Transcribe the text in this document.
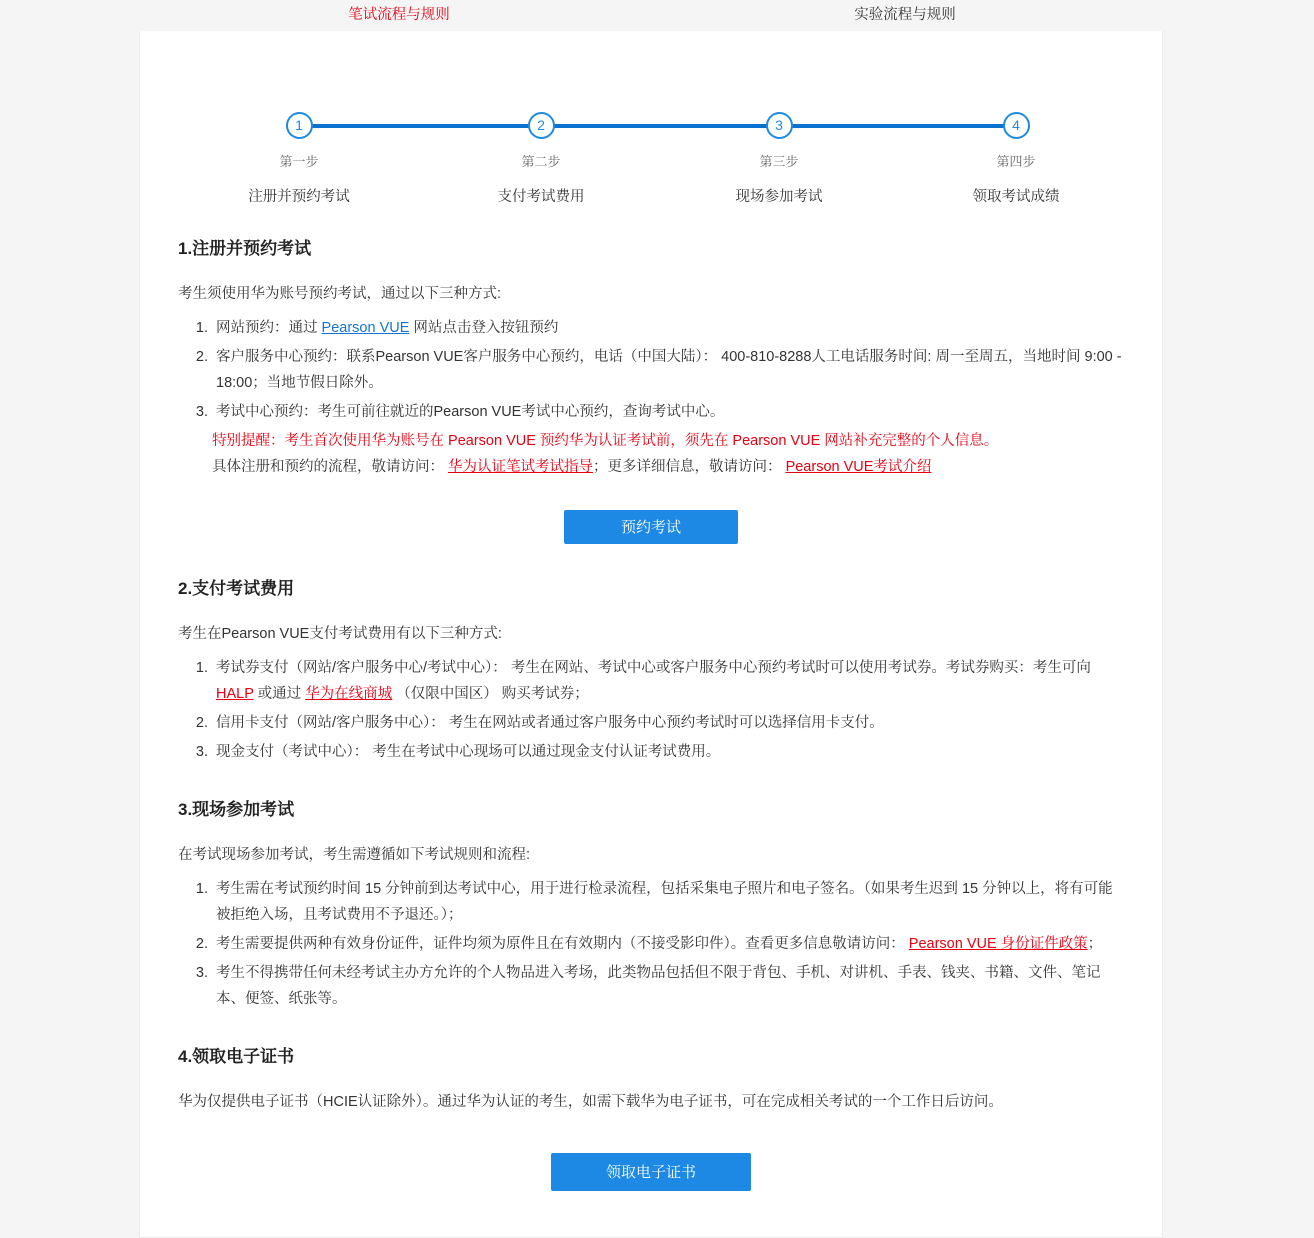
笔试流程与规则	实验流程与规则
1
第一步
注册并预约考试
2
第二步
支付考试费用
3
第三步
现场参加考试
4
第四步
领取考试成绩
1.注册并预约考试

考生须使用华为账号预约考试，通过以下三种方式:

1. 网站预约：通过 Pearson VUE 网站点击登入按钮预约
2. 客户服务中心预约：联系Pearson VUE客户服务中心预约，电话（中国大陆）： 400-810-8288人工电话服务时间: 周一至周五，当地时间 9:00 - 18:00；当地节假日除外。
3. 考试中心预约：考生可前往就近的Pearson VUE考试中心预约，查询考试中心。
特别提醒：考生首次使用华为账号在 Pearson VUE 预约华为认证考试前，须先在 Pearson VUE 网站补充完整的个人信息。
具体注册和预约的流程，敬请访问： 华为认证笔试考试指导；更多详细信息，敬请访问： Pearson VUE考试介绍
预约考试
2.支付考试费用

考生在Pearson VUE支付考试费用有以下三种方式:

1. 考试券支付（网站/客户服务中心/考试中心）： 考生在网站、考试中心或客户服务中心预约考试时可以使用考试券。考试券购买：考生可向 HALP 或通过 华为在线商城 （仅限中国区） 购买考试券；
2. 信用卡支付（网站/客户服务中心）： 考生在网站或者通过客户服务中心预约考试时可以选择信用卡支付。
3. 现金支付（考试中心）： 考生在考试中心现场可以通过现金支付认证考试费用。
3.现场参加考试

在考试现场参加考试，考生需遵循如下考试规则和流程:

1. 考生需在考试预约时间 15 分钟前到达考试中心，用于进行检录流程，包括采集电子照片和电子签名。（如果考生迟到 15 分钟以上，将有可能被拒绝入场，且考试费用不予退还。）；
2. 考生需要提供两种有效身份证件，证件均须为原件且在有效期内（不接受影印件）。查看更多信息敬请访问： Pearson VUE 身份证件政策；
3. 考生不得携带任何未经考试主办方允许的个人物品进入考场，此类物品包括但不限于背包、手机、对讲机、手表、钱夹、书籍、文件、笔记本、便签、纸张等。
4.领取电子证书

华为仅提供电子证书（HCIE认证除外）。通过华为认证的考生，如需下载华为电子证书，可在完成相关考试的一个工作日后访问。

领取电子证书
